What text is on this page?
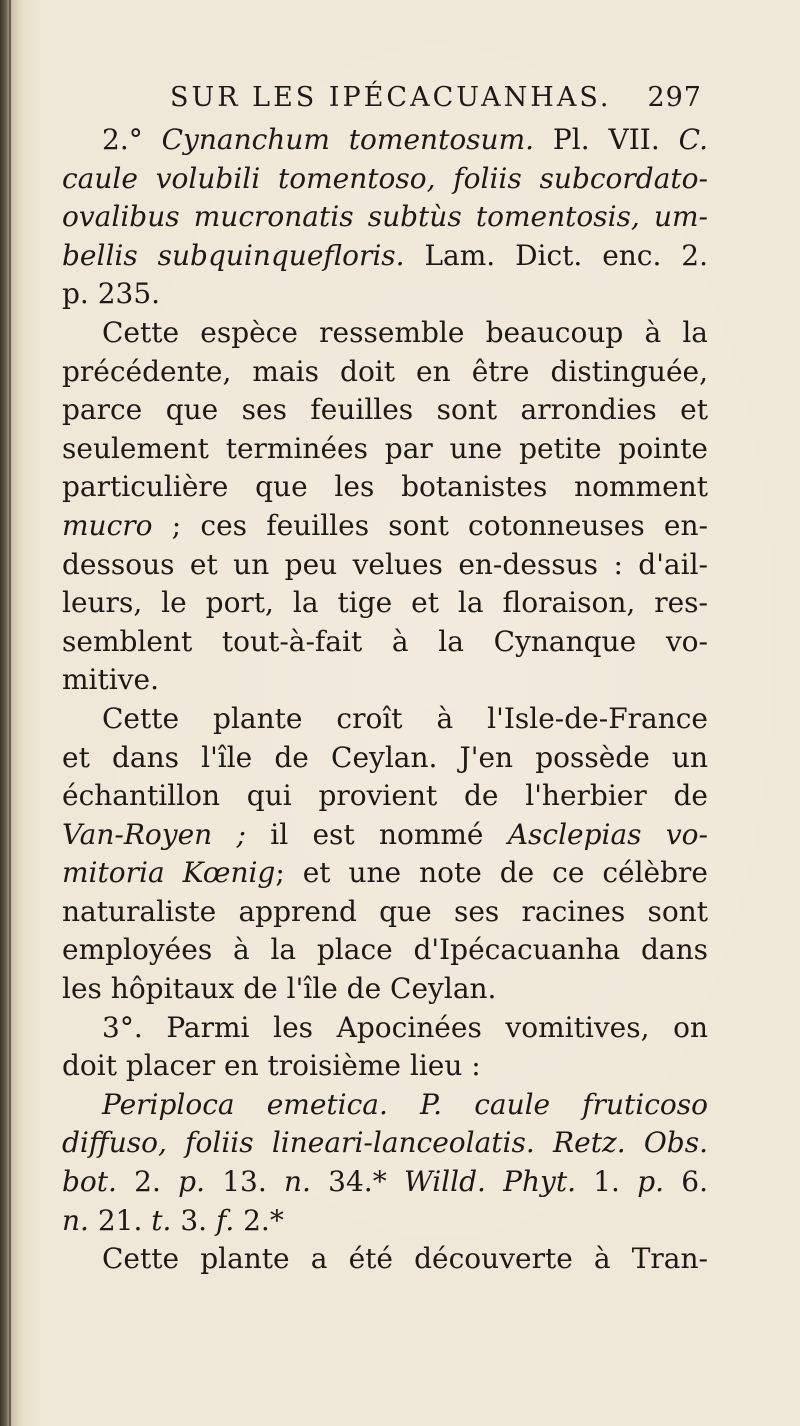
SUR LES IPÉCACUANHAS. 297
2.° Cynanchum tomentosum. Pl. VII. C.
caule volubili tomentoso, foliis subcordato-
ovalibus mucronatis subtùs tomentosis, um-
bellis subquinquefloris. Lam. Dict. enc. 2.
p. 235.
Cette espèce ressemble beaucoup à la
précédente, mais doit en être distinguée,
parce que ses feuilles sont arrondies et
seulement terminées par une petite pointe
particulière que les botanistes nomment
mucro ; ces feuilles sont cotonneuses en-
dessous et un peu velues en-dessus : d'ail-
leurs, le port, la tige et la floraison, res-
semblent tout-à-fait à la Cynanque vo-
mitive.
Cette plante croît à l'Isle-de-France
et dans l'île de Ceylan. J'en possède un
échantillon qui provient de l'herbier de
Van-Royen ; il est nommé Asclepias vo-
mitoria Kœnig; et une note de ce célèbre
naturaliste apprend que ses racines sont
employées à la place d'Ipécacuanha dans
les hôpitaux de l'île de Ceylan.
3°. Parmi les Apocinées vomitives, on
doit placer en troisième lieu :
Periploca emetica. P. caule fruticoso
diffuso, foliis lineari-lanceolatis. Retz. Obs.
bot. 2. p. 13. n. 34.* Willd. Phyt. 1. p. 6.
n. 21. t. 3. f. 2.*
Cette plante a été découverte à Tran-
